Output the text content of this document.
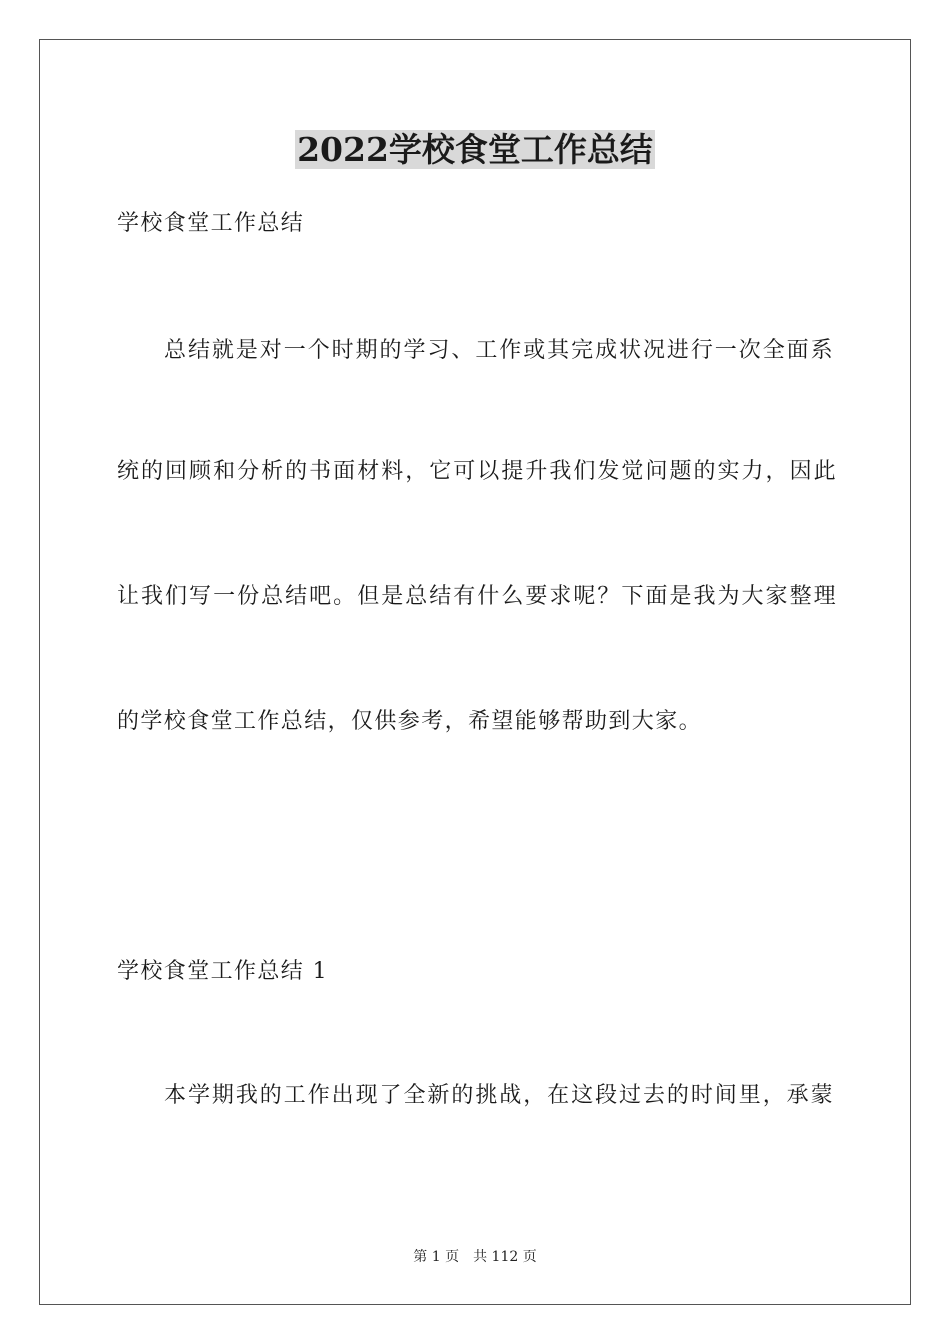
2022学校食堂工作总结

学校食堂工作总结

总结就是对一个时期的学习、工作或其完成状况进行一次全面系

统的回顾和分析的书面材料，它可以提升我们发觉问题的实力，因此

让我们写一份总结吧。但是总结有什么要求呢？下面是我为大家整理

的学校食堂工作总结，仅供参考，希望能够帮助到大家。

学校食堂工作总结 1

本学期我的工作出现了全新的挑战，在这段过去的时间里，承蒙

第 1 页 共 112 页
